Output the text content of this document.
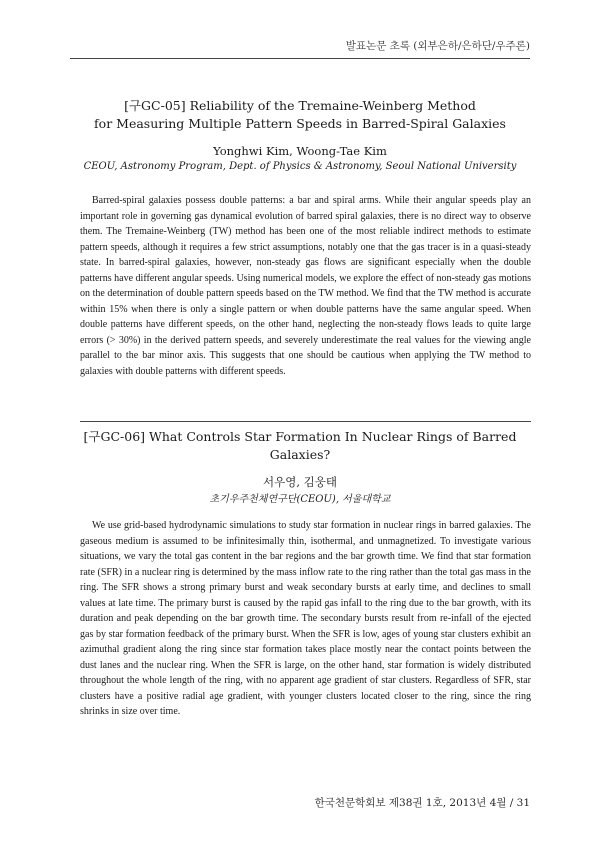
발표논문 초록 (외부은하/은하단/우주론)
[구GC-05] Reliability of the Tremaine-Weinberg Method
for Measuring Multiple Pattern Speeds in Barred-Spiral Galaxies
Yonghwi Kim, Woong-Tae Kim
CEOU, Astronomy Program, Dept. of Physics & Astronomy, Seoul National University

Barred-spiral galaxies possess double patterns: a bar and spiral arms. While their angular speeds play an important role in governing gas dynamical evolution of barred spiral galaxies, there is no direct way to observe them. The Tremaine-Weinberg (TW) method has been one of the most reliable indirect methods to estimate pattern speeds, although it requires a few strict assumptions, notably one that the gas tracer is in a quasi-steady state. In barred-spiral galaxies, however, non-steady gas flows are significant especially when the double patterns have different angular speeds. Using numerical models, we explore the effect of non-steady gas motions on the determination of double pattern speeds based on the TW method. We find that the TW method is accurate within 15% when there is only a single pattern or when double patterns have the same angular speed. When double patterns have different speeds, on the other hand, neglecting the non-steady flows leads to quite large errors (> 30%) in the derived pattern speeds, and severely underestimate the real values for the viewing angle parallel to the bar minor axis. This suggests that one should be cautious when applying the TW method to galaxies with double patterns with different speeds.

[구GC-06] What Controls Star Formation In Nuclear Rings of Barred
Galaxies?
서우영, 김웅태
초기우주천체연구단(CEOU), 서울대학교

We use grid-based hydrodynamic simulations to study star formation in nuclear rings in barred galaxies. The gaseous medium is assumed to be infinitesimally thin, isothermal, and unmagnetized. To investigate various situations, we vary the total gas content in the bar regions and the bar growth time. We find that star formation rate (SFR) in a nuclear ring is determined by the mass inflow rate to the ring rather than the total gas mass in the ring. The SFR shows a strong primary burst and weak secondary bursts at early time, and declines to small values at late time. The primary burst is caused by the rapid gas infall to the ring due to the bar growth, with its duration and peak depending on the bar growth time. The secondary bursts result from re-infall of the ejected gas by star formation feedback of the primary burst. When the SFR is low, ages of young star clusters exhibit an azimuthal gradient along the ring since star formation takes place mostly near the contact points between the dust lanes and the nuclear ring. When the SFR is large, on the other hand, star formation is widely distributed throughout the whole length of the ring, with no apparent age gradient of star clusters. Regardless of SFR, star clusters have a positive radial age gradient, with younger clusters located closer to the ring, since the ring shrinks in size over time.

한국천문학회보 제38권 1호, 2013년 4월 / 31
